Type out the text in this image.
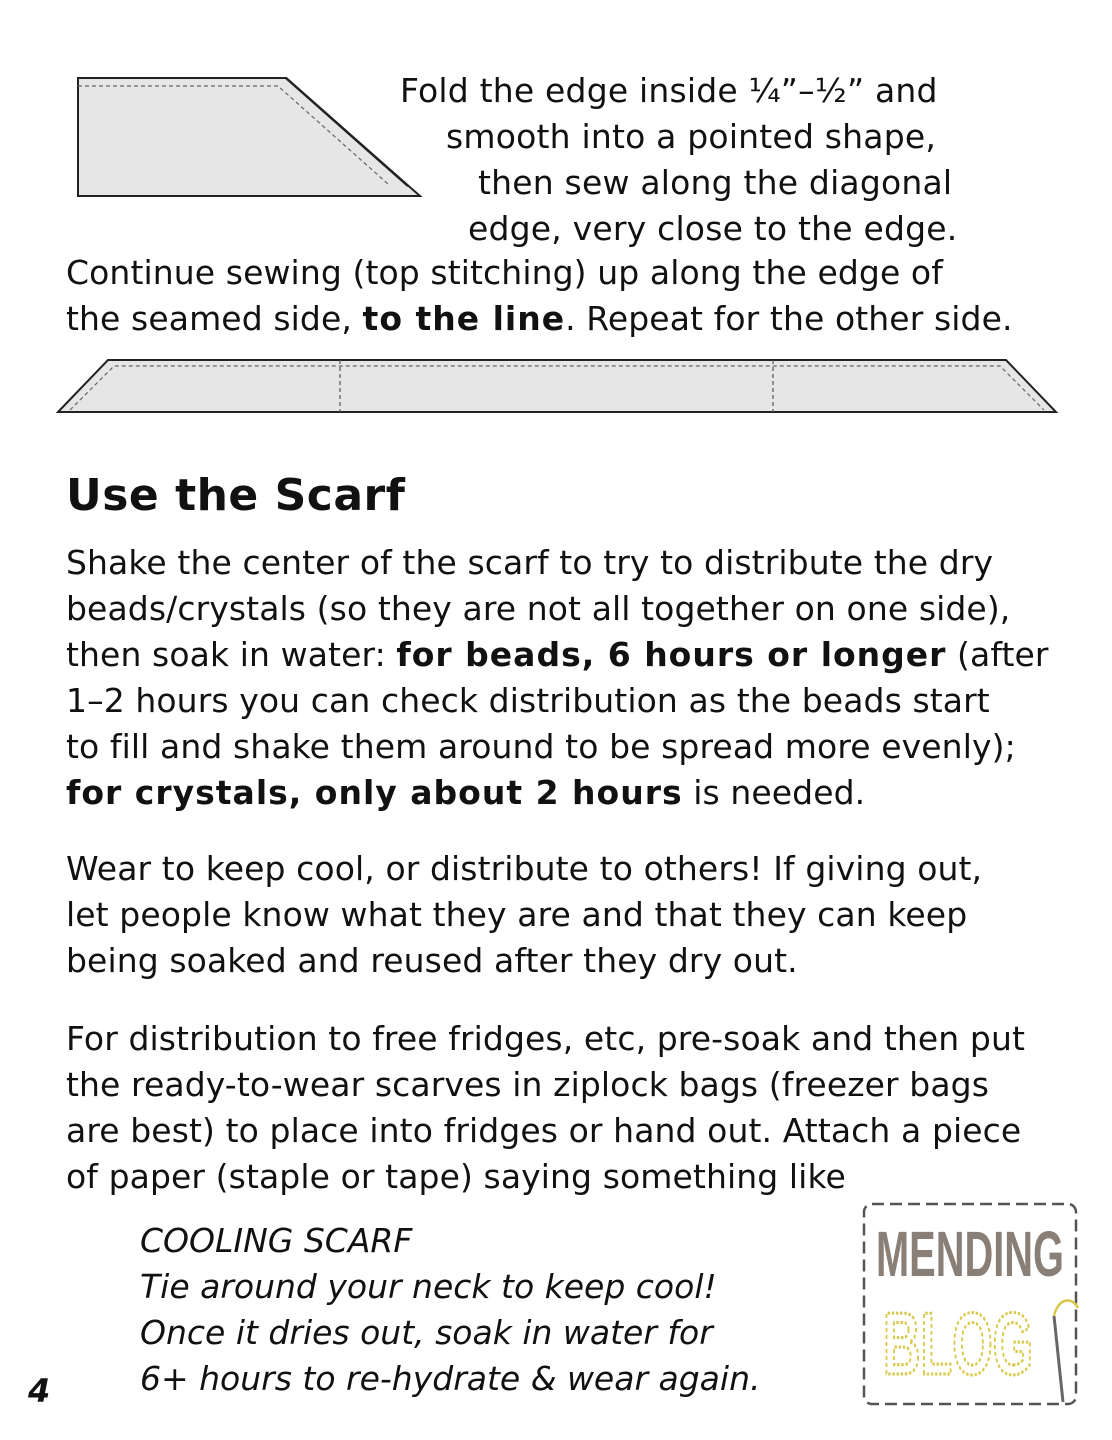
Fold the edge inside ¼”–½” and
smooth into a pointed shape,
then sew along the diagonal
edge, very close to the edge.
Continue sewing (top stitching) up along the edge of
the seamed side, to the line. Repeat for the other side.
Use the Scarf
Shake the center of the scarf to try to distribute the dry
beads/crystals (so they are not all together on one side),
then soak in water: for beads, 6 hours or longer (after
1–2 hours you can check distribution as the beads start
to fill and shake them around to be spread more evenly);
for crystals, only about 2 hours is needed.
Wear to keep cool, or distribute to others! If giving out,
let people know what they are and that they can keep
being soaked and reused after they dry out.
For distribution to free fridges, etc, pre-soak and then put
the ready-to-wear scarves in ziplock bags (freezer bags
are best) to place into fridges or hand out. Attach a piece
of paper (staple or tape) saying something like
COOLING SCARF
Tie around your neck to keep cool!
Once it dries out, soak in water for
6+ hours to re-hydrate & wear again.
4
MENDING
BLOG
